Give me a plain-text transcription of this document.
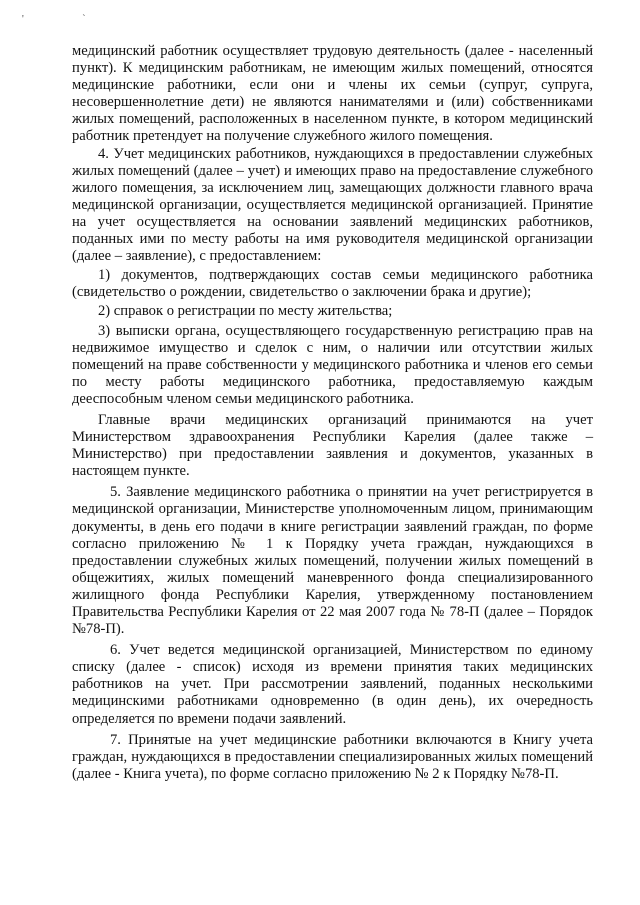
' `

медицинский работник осуществляет трудовую деятельность (далее - населенный пункт). К медицинским работникам, не имеющим жилых помещений, относятся медицинские работники, если они и члены их семьи (супруг, супруга, несовершеннолетние дети) не являются нанимателями и (или) собственниками жилых помещений, расположенных в населенном пункте, в котором медицинский работник претендует на получение служебного жилого помещения.

4. Учет медицинских работников, нуждающихся в предоставлении служебных жилых помещений (далее – учет) и имеющих право на предоставление служебного жилого помещения, за исключением лиц, замещающих должности главного врача медицинской организации, осуществляется медицинской организацией. Принятие на учет осуществляется на основании заявлений медицинских работников, поданных ими по месту работы на имя руководителя медицинской организации (далее – заявление), с предоставлением:

1) документов, подтверждающих состав семьи медицинского работника (свидетельство о рождении, свидетельство о заключении брака и другие);

2) справок о регистрации по месту жительства;

3) выписки органа, осуществляющего государственную регистрацию прав на недвижимое имущество и сделок с ним, о наличии или отсутствии жилых помещений на праве собственности у медицинского работника и членов его семьи по месту работы медицинского работника, предоставляемую каждым дееспособным членом семьи медицинского работника.

Главные врачи медицинских организаций принимаются на учет Министерством здравоохранения Республики Карелия (далее также – Министерство) при предоставлении заявления и документов, указанных в настоящем пункте.

5. Заявление медицинского работника о принятии на учет регистрируется в медицинской организации, Министерстве уполномоченным лицом, принимающим документы, в день его подачи в книге регистрации заявлений граждан, по форме согласно приложению № 1 к Порядку учета граждан, нуждающихся в предоставлении служебных жилых помещений, получении жилых помещений в общежитиях, жилых помещений маневренного фонда специализированного жилищного фонда Республики Карелия, утвержденному постановлением Правительства Республики Карелия от 22 мая 2007 года № 78-П (далее – Порядок №78-П).

6. Учет ведется медицинской организацией, Министерством по единому списку (далее - список) исходя из времени принятия таких медицинских работников на учет. При рассмотрении заявлений, поданных несколькими медицинскими работниками одновременно (в один день), их очередность определяется по времени подачи заявлений.

7. Принятые на учет медицинские работники включаются в Книгу учета граждан, нуждающихся в предоставлении специализированных жилых помещений (далее - Книга учета), по форме согласно приложению № 2 к Порядку №78-П.
